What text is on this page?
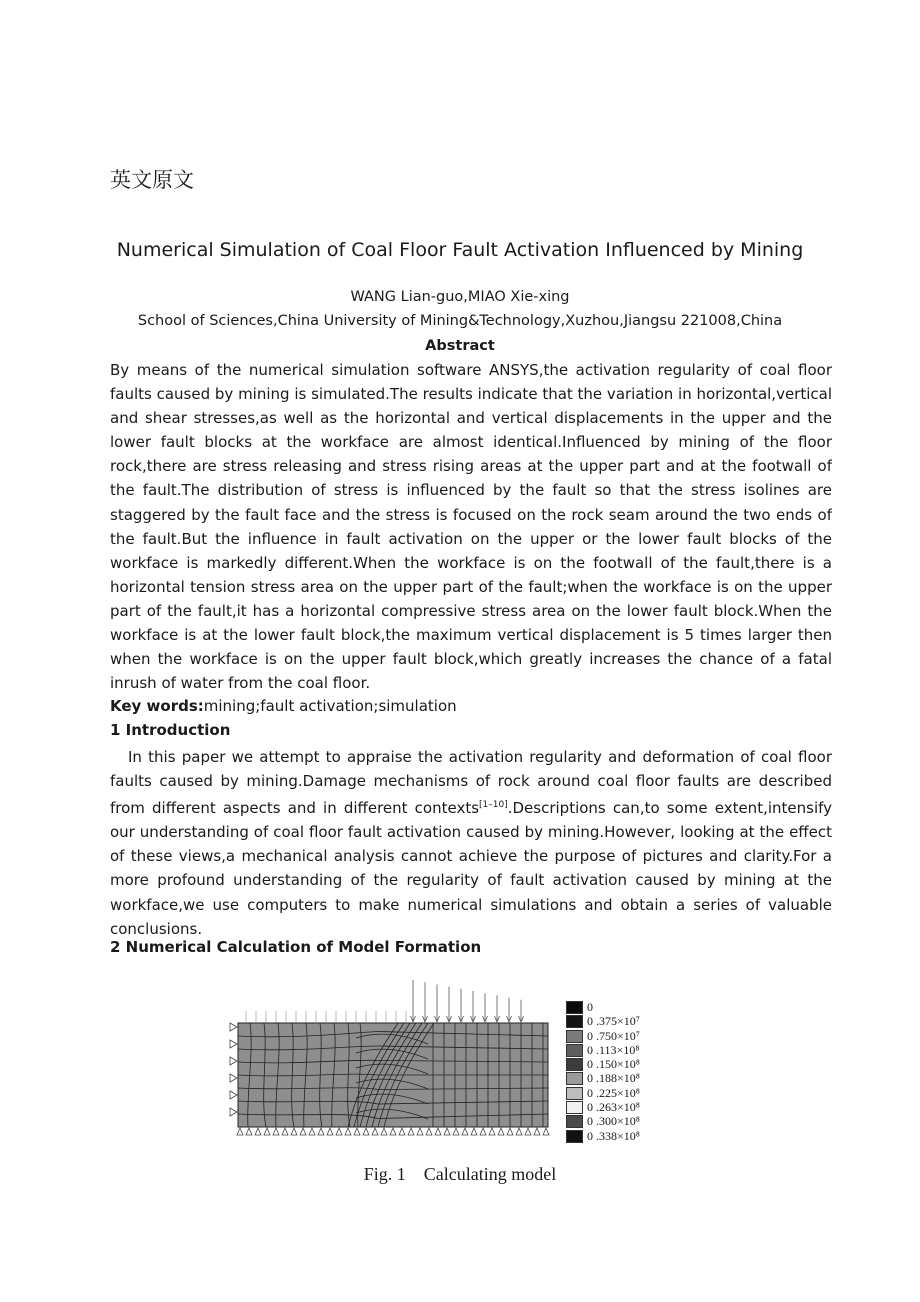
英文原文
Numerical Simulation of Coal Floor Fault Activation Influenced by Mining
WANG Lian-guo,MIAO Xie-xing
School of Sciences,China University of Mining&Technology,Xuzhou,Jiangsu 221008,China
Abstract
By means of the numerical simulation software ANSYS,the activation regularity of coal floor
faults caused by mining is simulated.The results indicate that the variation in horizontal,vertical
and shear stresses,as well as the horizontal and vertical displacements in the upper and the
lower fault blocks at the workface are almost identical.Influenced by mining of the floor
rock,there are stress releasing and stress rising areas at the upper part and at the footwall of
the fault.The distribution of stress is influenced by the fault so that the stress isolines are
staggered by the fault face and the stress is focused on the rock seam around the two ends of
the fault.But the influence in fault activation on the upper or the lower fault blocks of the
workface is markedly different.When the workface is on the footwall of the fault,there is a
horizontal tension stress area on the upper part of the fault;when the workface is on the upper
part of the fault,it has a horizontal compressive stress area on the lower fault block.When the
workface is at the lower fault block,the maximum vertical displacement is 5 times larger then
when the workface is on the upper fault block,which greatly increases the chance of a fatal
inrush of water from the coal floor.
Key words:mining;fault activation;simulation
1 Introduction
In this paper we attempt to appraise the activation regularity and deformation of coal floor
faults caused by mining.Damage mechanisms of rock around coal floor faults are described
from different aspects and in different contexts[1–10].Descriptions can,to some extent,intensify
our understanding of coal floor fault activation caused by mining.However, looking at the effect
of these views,a mechanical analysis cannot achieve the purpose of pictures and clarity.For a
more profound understanding of the regularity of fault activation caused by mining at the
workface,we use computers to make numerical simulations and obtain a series of valuable
conclusions.
2 Numerical Calculation of Model Formation
0
0 .375×10⁷
0 .750×10⁷
0 .113×10⁸
0 .150×10⁸
0 .188×10⁸
0 .225×10⁸
0 .263×10⁸
0 .300×10⁸
0 .338×10⁸
Fig. 1 Calculating model
